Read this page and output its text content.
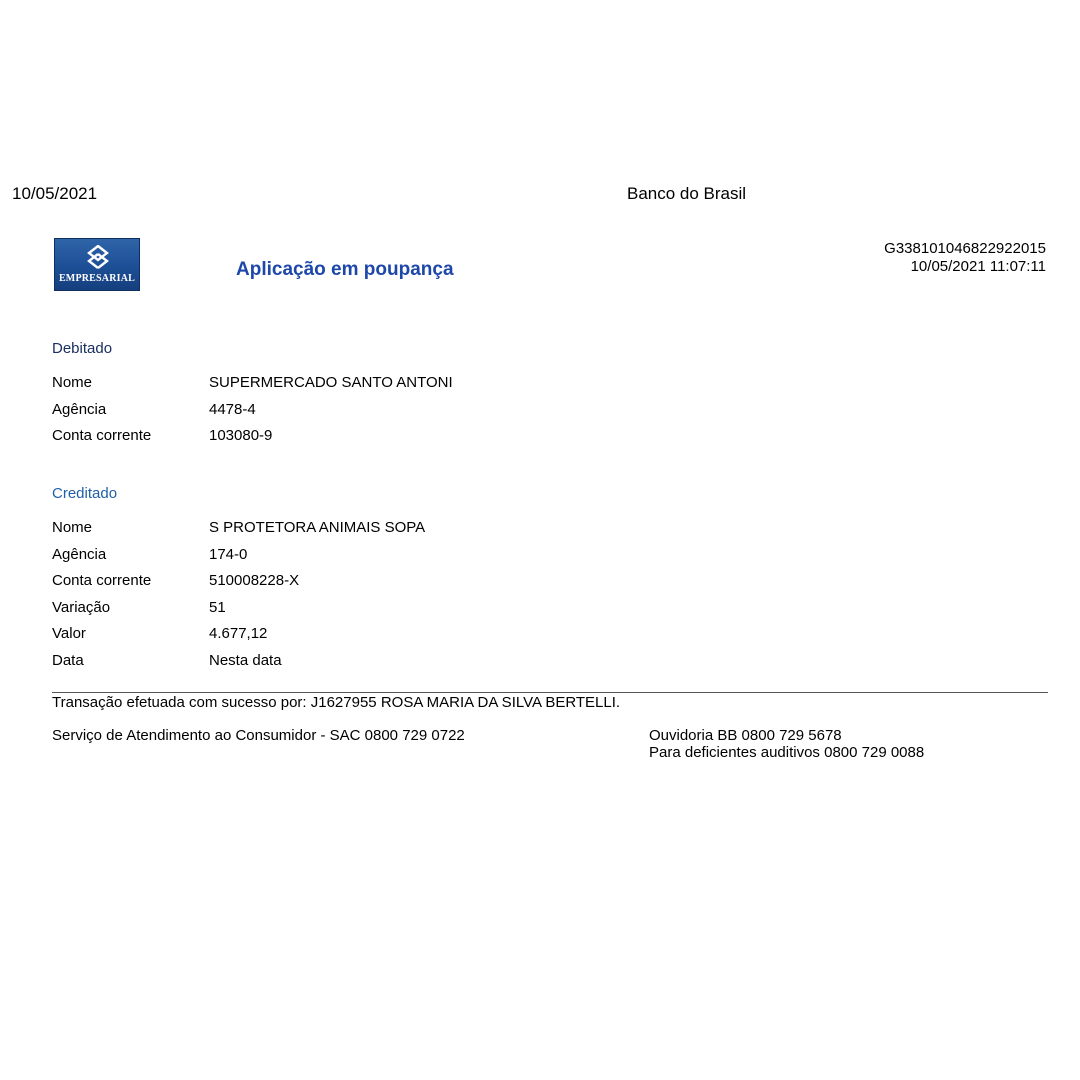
10/05/2021	Banco do Brasil
EMPRESARIAL	Aplicação em poupança
G338101046822922015
10/05/2021 11:07:11
Debitado
Nome	SUPERMERCADO SANTO ANTONI
Agência	4478-4
Conta corrente	103080-9
Creditado
Nome	S PROTETORA ANIMAIS SOPA
Agência	174-0
Conta corrente	510008228-X
Variação	51
Valor	4.677,12
Data	Nesta data
Transação efetuada com sucesso por: J1627955 ROSA MARIA DA SILVA BERTELLI.
Serviço de Atendimento ao Consumidor - SAC 0800 729 0722	Ouvidoria BB 0800 729 5678
Para deficientes auditivos 0800 729 0088
